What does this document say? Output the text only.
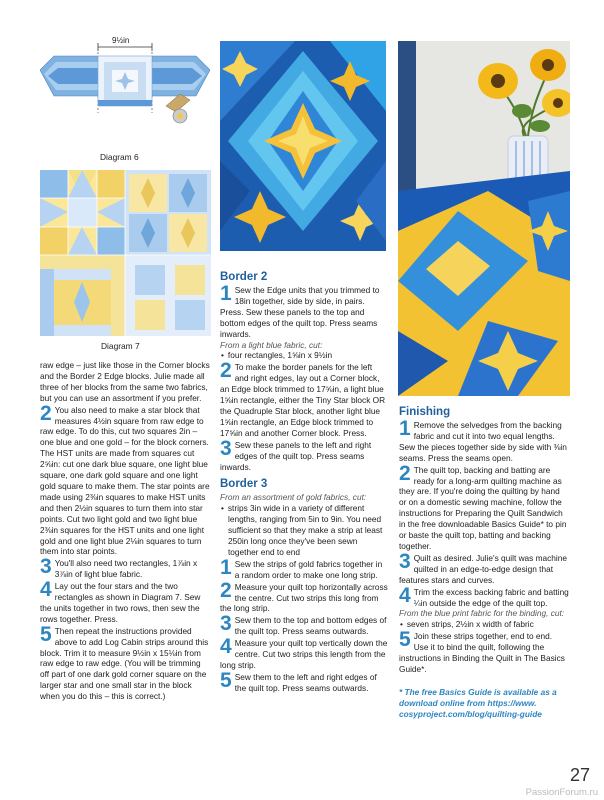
9½in
Diagram 6
Diagram 7

raw edge – just like those in the Corner blocks and the Border 2 Edge blocks. Julie made all three of her blocks from the same two fabrics, but you can use an assortment if you prefer.

2 You also need to make a star block that measures 4½in square from raw edge to raw edge. To do this, cut two squares 2in – one blue and one gold – for the block corners. The HST units are made from squares cut 2⅝in: cut one dark blue square, one light blue square, one dark gold square and one light gold square to make them. The star points are made using 2⅜in squares to make HST units and then 2½in squares to turn them into star points. Cut two light gold and two light blue 2⅜in squares for the HST units and one light gold and one light blue 2⅛in squares to turn them into star points.
3 You'll also need two rectangles, 1⅞in x 3⅞in of light blue fabric.
4 Lay out the four stars and the two rectangles as shown in Diagram 7. Sew the units together in two rows, then sew the rows together. Press.
5 Then repeat the instructions provided above to add Log Cabin strips around this block. Trim it to measure 9½in x 15⅛in from raw edge to raw edge. (You will be trimming off part of one dark gold corner square on the larger star and one small star in the block when you do this – this is correct.)
Border 2
1 Sew the Edge units that you trimmed to 18in together, side by side, in pairs. Press. Sew these panels to the top and bottom edges of the quilt top. Press seams inwards.

From a light blue fabric, cut:

• four rectangles, 1⅝in x 9½in

2 To make the border panels for the left and right edges, lay out a Corner block, an Edge block trimmed to 17⅝in, a light blue 1⅝in rectangle, either the Tiny Star block OR the Quadruple Star block, another light blue 1⅝in rectangle, an Edge block trimmed to 17⅝in and another Corner block. Press.
3 Sew these panels to the left and right edges of the quilt top. Press seams inwards.
Border 3

From an assortment of gold fabrics, cut:

• strips 3in wide in a variety of different lengths, ranging from 5in to 9in. You need sufficient so that they make a strip at least 250in long once they've been sewn together end to end

1 Sew the strips of gold fabrics together in a random order to make one long strip.
2 Measure your quilt top horizontally across the centre. Cut two strips this long from the long strip.
3 Sew them to the top and bottom edges of the quilt top. Press seams outwards.
4 Measure your quilt top vertically down the centre. Cut two strips this length from the long strip.
5 Sew them to the left and right edges of the quilt top. Press seams outwards.
Finishing
1 Remove the selvedges from the backing fabric and cut it into two equal lengths. Sew the pieces together side by side with ⅜in seams. Press the seams open.
2 The quilt top, backing and batting are ready for a long-arm quilting machine as they are. If you're doing the quilting by hand or on a domestic sewing machine, follow the instructions for Preparing the Quilt Sandwich in the free downloadable Basics Guide* to pin or baste the quilt top, batting and backing together.
3 Quilt as desired. Julie's quilt was machine quilted in an edge-to-edge design that features stars and curves.
4 Trim the excess backing fabric and batting ¼in outside the edge of the quilt top.

From the blue print fabric for the binding, cut:

• seven strips, 2½in x width of fabric

5 Join these strips together, end to end. Use it to bind the quilt, following the instructions in Binding the Quilt in The Basics Guide*.

* The free Basics Guide is available as a download online from https://www. cosyproject.com/blog/quilting-guide

27
PassionForum.ru
